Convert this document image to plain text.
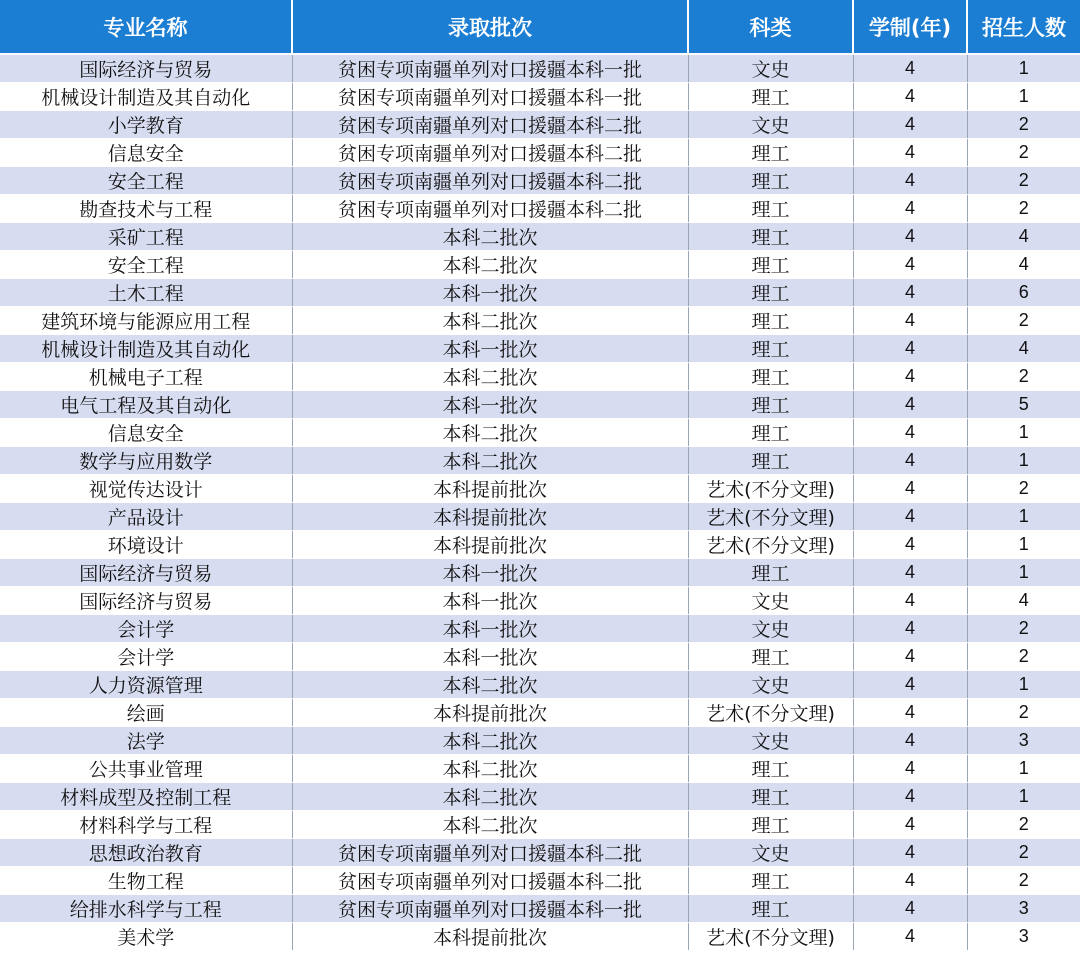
专业名称	录取批次	科类	学制(年)	招生人数
国际经济与贸易	贫困专项南疆单列对口援疆本科一批	文史	4	1
机械设计制造及其自动化	贫困专项南疆单列对口援疆本科一批	理工	4	1
小学教育	贫困专项南疆单列对口援疆本科二批	文史	4	2
信息安全	贫困专项南疆单列对口援疆本科二批	理工	4	2
安全工程	贫困专项南疆单列对口援疆本科二批	理工	4	2
勘查技术与工程	贫困专项南疆单列对口援疆本科二批	理工	4	2
采矿工程	本科二批次	理工	4	4
安全工程	本科二批次	理工	4	4
土木工程	本科一批次	理工	4	6
建筑环境与能源应用工程	本科二批次	理工	4	2
机械设计制造及其自动化	本科一批次	理工	4	4
机械电子工程	本科二批次	理工	4	2
电气工程及其自动化	本科一批次	理工	4	5
信息安全	本科二批次	理工	4	1
数学与应用数学	本科二批次	理工	4	1
视觉传达设计	本科提前批次	艺术(不分文理)	4	2
产品设计	本科提前批次	艺术(不分文理)	4	1
环境设计	本科提前批次	艺术(不分文理)	4	1
国际经济与贸易	本科一批次	理工	4	1
国际经济与贸易	本科一批次	文史	4	4
会计学	本科一批次	文史	4	2
会计学	本科一批次	理工	4	2
人力资源管理	本科二批次	文史	4	1
绘画	本科提前批次	艺术(不分文理)	4	2
法学	本科二批次	文史	4	3
公共事业管理	本科二批次	理工	4	1
材料成型及控制工程	本科二批次	理工	4	1
材料科学与工程	本科二批次	理工	4	2
思想政治教育	贫困专项南疆单列对口援疆本科二批	文史	4	2
生物工程	贫困专项南疆单列对口援疆本科二批	理工	4	2
给排水科学与工程	贫困专项南疆单列对口援疆本科一批	理工	4	3
美术学	本科提前批次	艺术(不分文理)	4	3
